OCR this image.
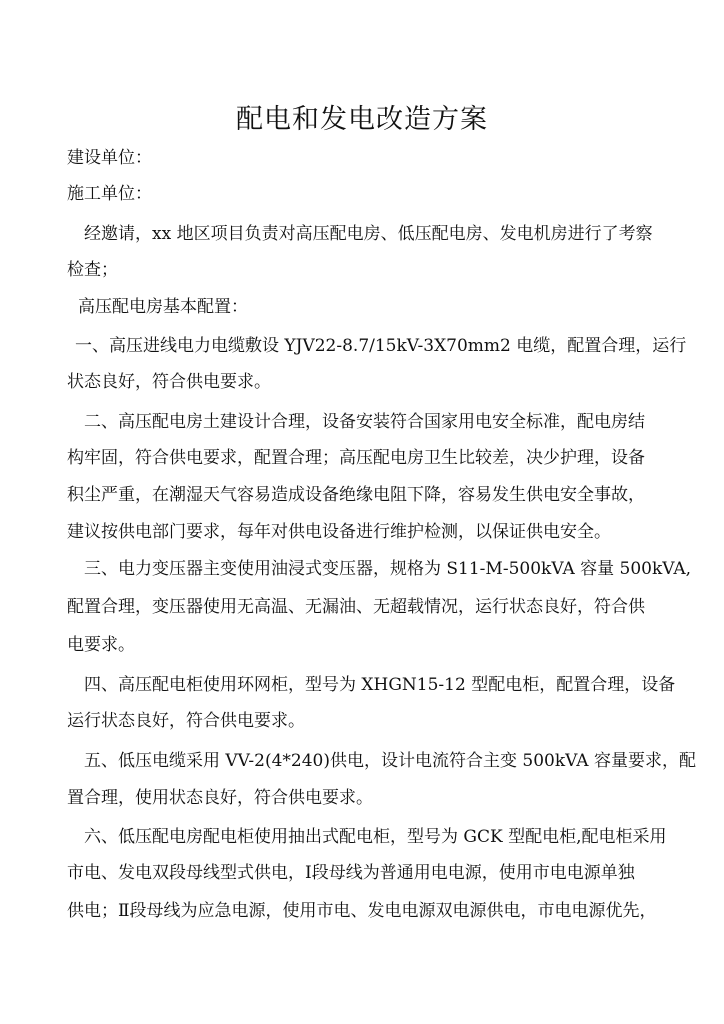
配电和发电改造方案
建设单位：
施工单位：
经邀请，xx 地区项目负责对高压配电房、低压配电房、发电机房进行了考察
检查；
高压配电房基本配置：
一、高压进线电力电缆敷设 YJV22-8.7/15kV-3X70mm2 电缆，配置合理，运行
状态良好，符合供电要求。
二、高压配电房土建设计合理，设备安装符合国家用电安全标准，配电房结
构牢固，符合供电要求，配置合理；高压配电房卫生比较差，决少护理，设备
积尘严重，在潮湿天气容易造成设备绝缘电阻下降，容易发生供电安全事故，
建议按供电部门要求，每年对供电设备进行维护检测，以保证供电安全。
三、电力变压器主变使用油浸式变压器，规格为 S11-M-500kVA 容量 500kVA,
配置合理，变压器使用无高温、无漏油、无超载情况，运行状态良好，符合供
电要求。
四、高压配电柜使用环网柜，型号为 XHGN15-12 型配电柜，配置合理，设备
运行状态良好，符合供电要求。
五、低压电缆采用 VV-2(4*240)供电，设计电流符合主变 500kVA 容量要求，配
置合理，使用状态良好，符合供电要求。
六、低压配电房配电柜使用抽出式配电柜，型号为 GCK 型配电柜,配电柜采用
市电、发电双段母线型式供电，Ⅰ段母线为普通用电电源，使用市电电源单独
供电；Ⅱ段母线为应急电源，使用市电、发电电源双电源供电，市电电源优先，
